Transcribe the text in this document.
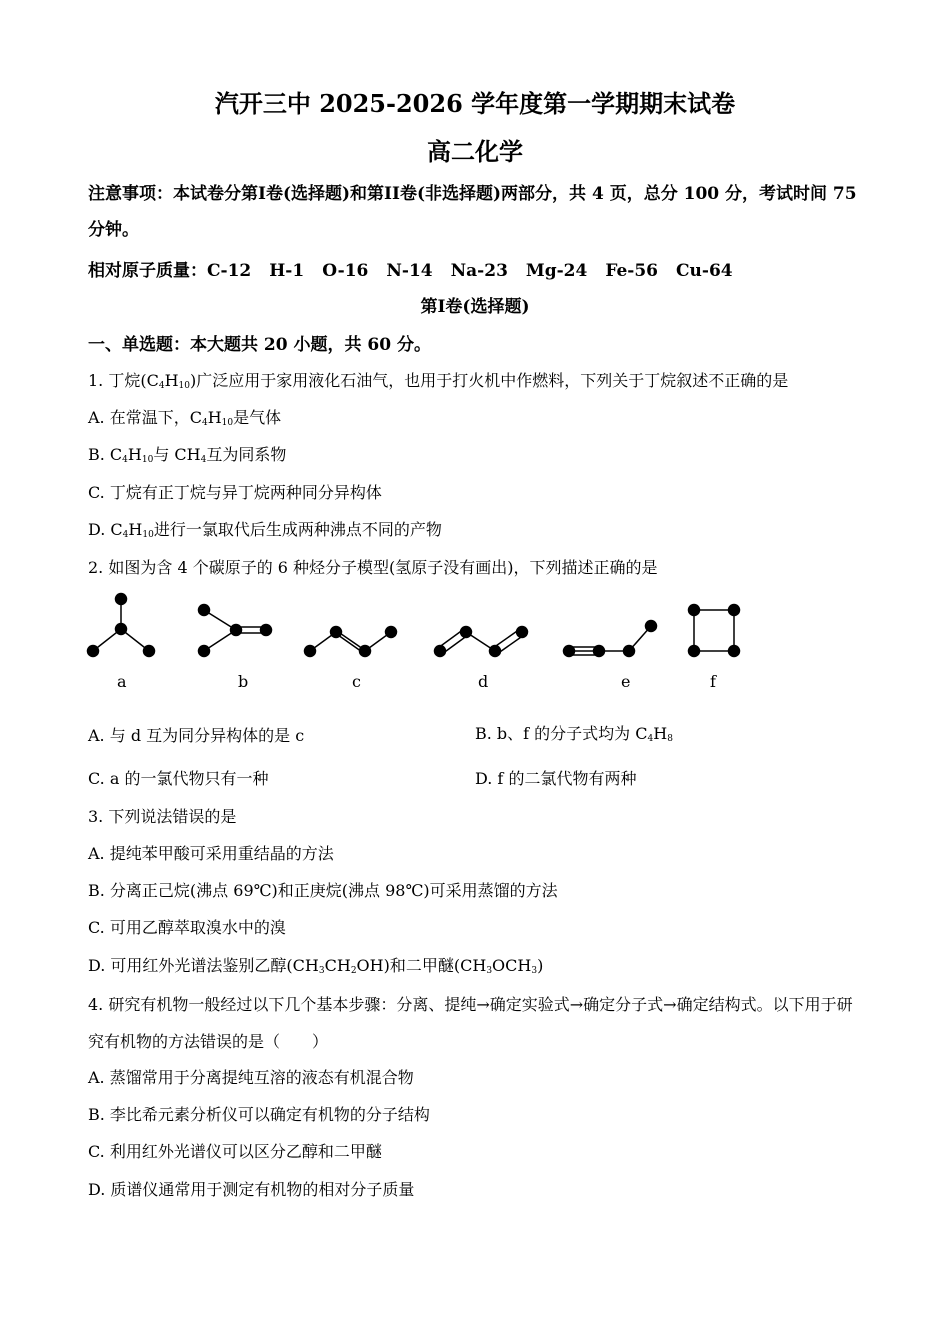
汽开三中 2025-2026 学年度第一学期期末试卷
高二化学
注意事项：本试卷分第I卷(选择题)和第II卷(非选择题)两部分，共 4 页，总分 100 分，考试时间 75 分钟。
相对原子质量：C-12 H-1 O-16 N-14 Na-23 Mg-24 Fe-56 Cu-64
第I卷(选择题)
一、单选题：本大题共 20 小题，共 60 分。
1. 丁烷$(C_4H_{10})$广泛应用于家用液化石油气，也用于打火机中作燃料，下列关于丁烷叙述不正确的是
A. 在常温下，$C_4H_{10}$是气体
B. $C_4H_{10}$与 $CH_4$互为同系物
C. 丁烷有正丁烷与异丁烷两种同分异构体
D. $C_4H_{10}$进行一氯取代后生成两种沸点不同的产物
2. 如图为含 4 个碳原子的 6 种烃分子模型(氢原子没有画出)，下列描述正确的是
a	b	c	d	e	f
A. 与 d 互为同分异构体的是 c	B. b、f 的分子式均为 $C_4H_8$
C. a 的一氯代物只有一种	D. f 的二氯代物有两种
3. 下列说法错误的是
A. 提纯苯甲酸可采用重结晶的方法
B. 分离正己烷(沸点 69℃)和正庚烷(沸点 98℃)可采用蒸馏的方法
C. 可用乙醇萃取溴水中的溴
D. 可用红外光谱法鉴别乙醇$(CH_3CH_2OH)$和二甲醚$(CH_3OCH_3)$
4. 研究有机物一般经过以下几个基本步骤：分离、提纯→确定实验式→确定分子式→确定结构式。以下用于研究有机物的方法错误的是（　　）
A. 蒸馏常用于分离提纯互溶的液态有机混合物
B. 李比希元素分析仪可以确定有机物的分子结构
C. 利用红外光谱仪可以区分乙醇和二甲醚
D. 质谱仪通常用于测定有机物的相对分子质量
